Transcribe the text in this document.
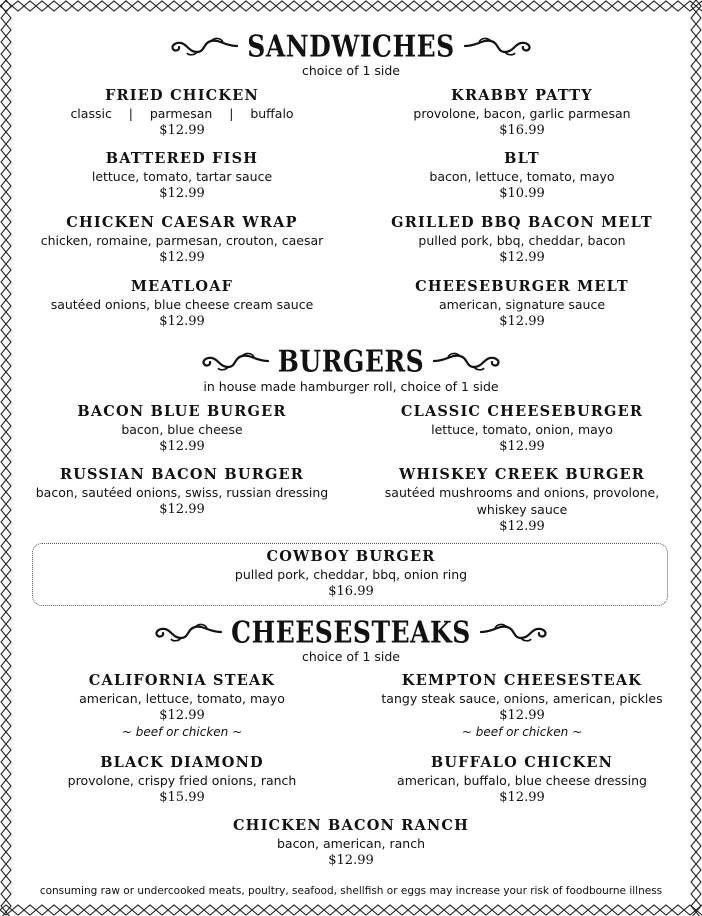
SANDWICHES
choice of 1 side
FRIED CHICKEN
classic | parmesan | buffalo
$12.99
KRABBY PATTY
provolone, bacon, garlic parmesan
$16.99
BATTERED FISH
lettuce, tomato, tartar sauce
$12.99
BLT
bacon, lettuce, tomato, mayo
$10.99
CHICKEN CAESAR WRAP
chicken, romaine, parmesan, crouton, caesar
$12.99
GRILLED BBQ BACON MELT
pulled pork, bbq, cheddar, bacon
$12.99
MEATLOAF
sautéed onions, blue cheese cream sauce
$12.99
CHEESEBURGER MELT
american, signature sauce
$12.99
BURGERS
in house made hamburger roll, choice of 1 side
BACON BLUE BURGER
bacon, blue cheese
$12.99
CLASSIC CHEESEBURGER
lettuce, tomato, onion, mayo
$12.99
RUSSIAN BACON BURGER
bacon, sautéed onions, swiss, russian dressing
$12.99
WHISKEY CREEK BURGER
sautéed mushrooms and onions, provolone, whiskey sauce
$12.99
COWBOY BURGER
pulled pork, cheddar, bbq, onion ring
$16.99
CHEESESTEAKS
choice of 1 side
CALIFORNIA STEAK
american, lettuce, tomato, mayo
$12.99
~ beef or chicken ~
KEMPTON CHEESESTEAK
tangy steak sauce, onions, american, pickles
$12.99
~ beef or chicken ~
BLACK DIAMOND
provolone, crispy fried onions, ranch
$15.99
BUFFALO CHICKEN
american, buffalo, blue cheese dressing
$12.99
CHICKEN BACON RANCH
bacon, american, ranch
$12.99
consuming raw or undercooked meats, poultry, seafood, shellfish or eggs may increase your risk of foodbourne illness
